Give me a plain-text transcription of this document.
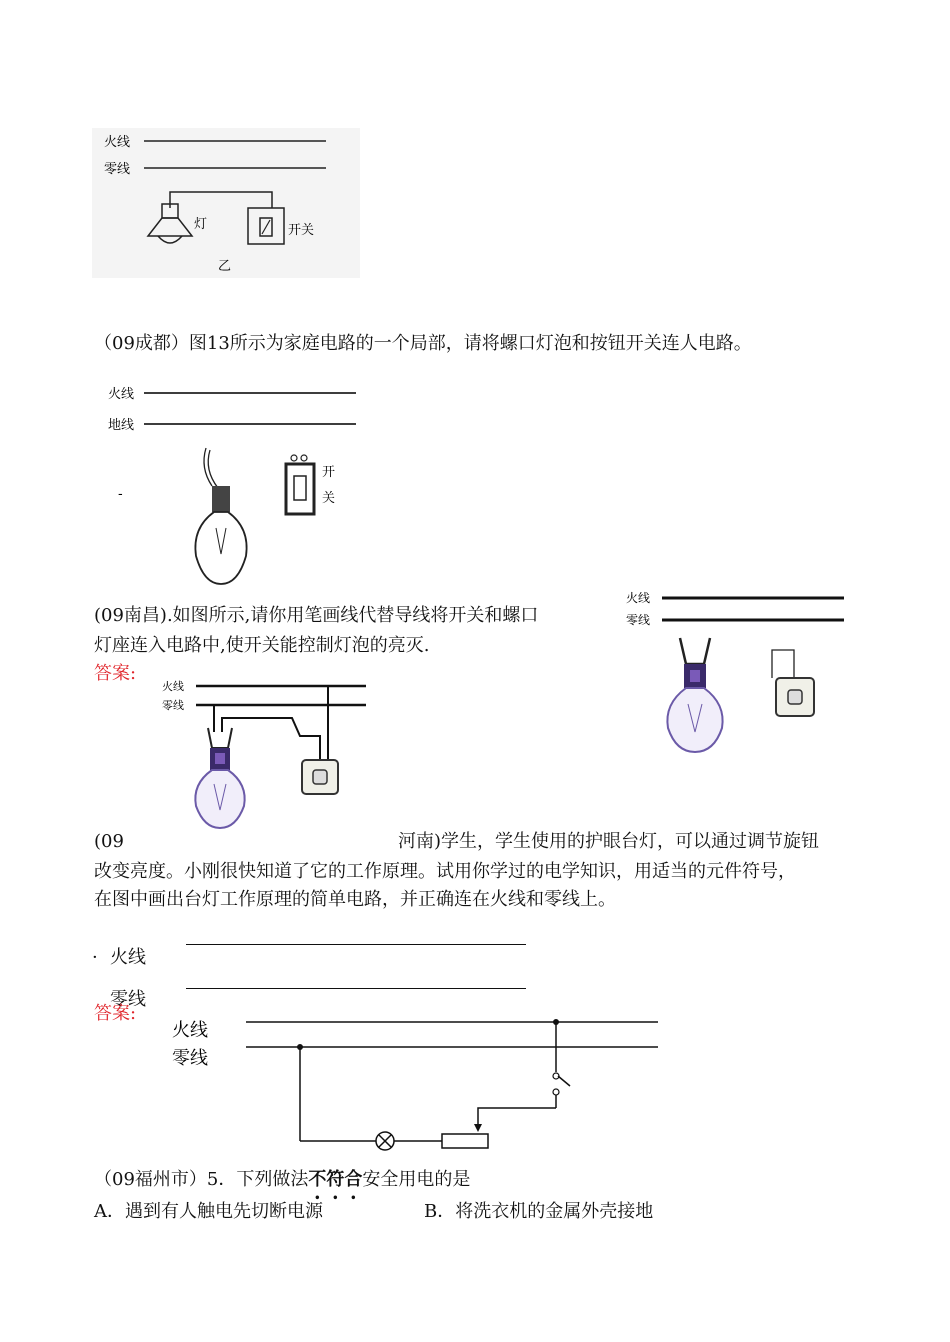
火线
零线
灯	开关
乙
（09成都）图13所示为家庭电路的一个局部，请将螺口灯泡和按钮开关连人电路。
火线
地线
-
开
关
(09南昌).如图所示,请你用笔画线代替导线将开关和螺口
灯座连入电路中,使开关能控制灯泡的亮灭.
答案:
火线
零线
火线
零线
(09	河南)学生，学生使用的护眼台灯，可以通过调节旋钮
改变亮度。小刚很快知道了它的工作原理。试用你学过的电学知识，用适当的元件符号，
在图中画出台灯工作原理的简单电路，并正确连在火线和零线上。
· 火线
零线
答案:
火线
零线
（09福州市）5．下列做法不符合安全用电的是
A．遇到有人触电先切断电源	B．将洗衣机的金属外壳接地
